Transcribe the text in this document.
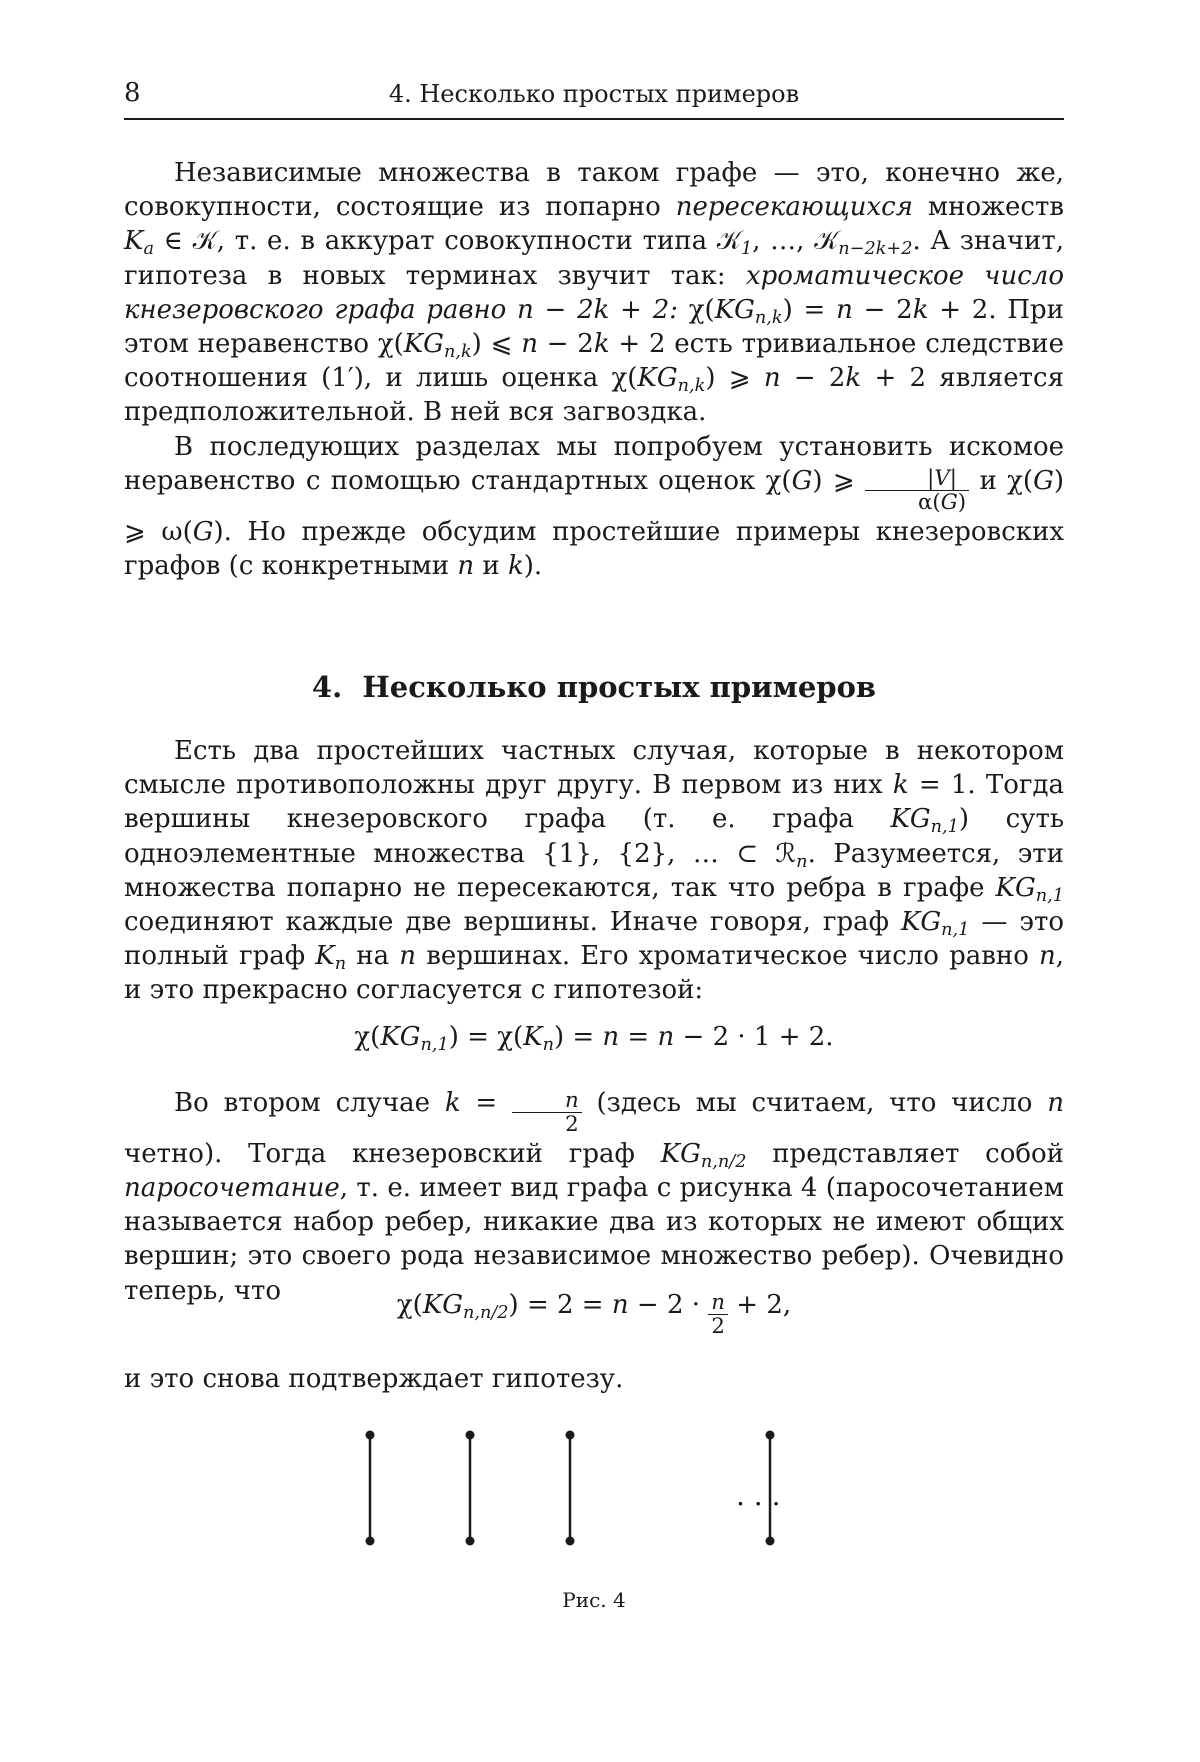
8	4. Несколько простых примеров

Независимые множества в таком графе — это, конечно же, совокупности, состоящие из попарно пересекающихся множеств $K_a$ ∈ 𝒦, т. е. в аккурат совокупности типа 𝒦$_1$, …, 𝒦$_{n-2k+2}$. А значит, гипотеза в новых терминах звучит так: хроматическое число кнезеровского графа равно n − 2k + 2: $\chi(KG_{n,k}) = n - 2k + 2$. При этом неравенство $\chi(KG_{n,k})$ ⩽ n − 2k + 2 есть тривиальное следствие соотношения (1′), и лишь оценка $\chi(KG_{n,k})$ ⩾ n − 2k + 2 является предположительной. В ней вся загвоздка.

В последующих разделах мы попробуем установить искомое неравенство с помощью стандартных оценок χ(G) ⩾ $\frac{|V|}{\alpha(G)}$ и χ(G) ⩾ ω(G). Но прежде обсудим простейшие примеры кнезеровских графов (с конкретными n и k).

4. Несколько простых примеров

Есть два простейших частных случая, которые в некотором смысле противоположны друг другу. В первом из них k = 1. Тогда вершины кнезеровского графа (т. е. графа $KG_{n,1}$) суть одноэлементные множества {1}, {2}, … ⊂ ℛ$_n$. Разумеется, эти множества попарно не пересекаются, так что ребра в графе $KG_{n,1}$ соединяют каждые две вершины. Иначе говоря, граф $KG_{n,1}$ — это полный граф $K_n$ на n вершинах. Его хроматическое число равно n, и это прекрасно согласуется с гипотезой:

$\chi(KG_{n,1}) = \chi(K_n) = n = n - 2 \cdot 1 + 2$.

Во втором случае $k = \frac{n}{2}$ (здесь мы считаем, что число n четно). Тогда кнезеровский граф $KG_{n,n/2}$ представляет собой паросочетание, т. е. имеет вид графа с рисунка 4 (паросочетанием называется набор ребер, никакие два из которых не имеют общих вершин; это своего рода независимое множество ребер). Очевидно теперь, что	$\chi(KG_{n,n/2}) = 2 = n - 2 \cdot \frac{n}{2} + 2$,

и это снова подтверждает гипотезу.

. . .
Рис. 4
